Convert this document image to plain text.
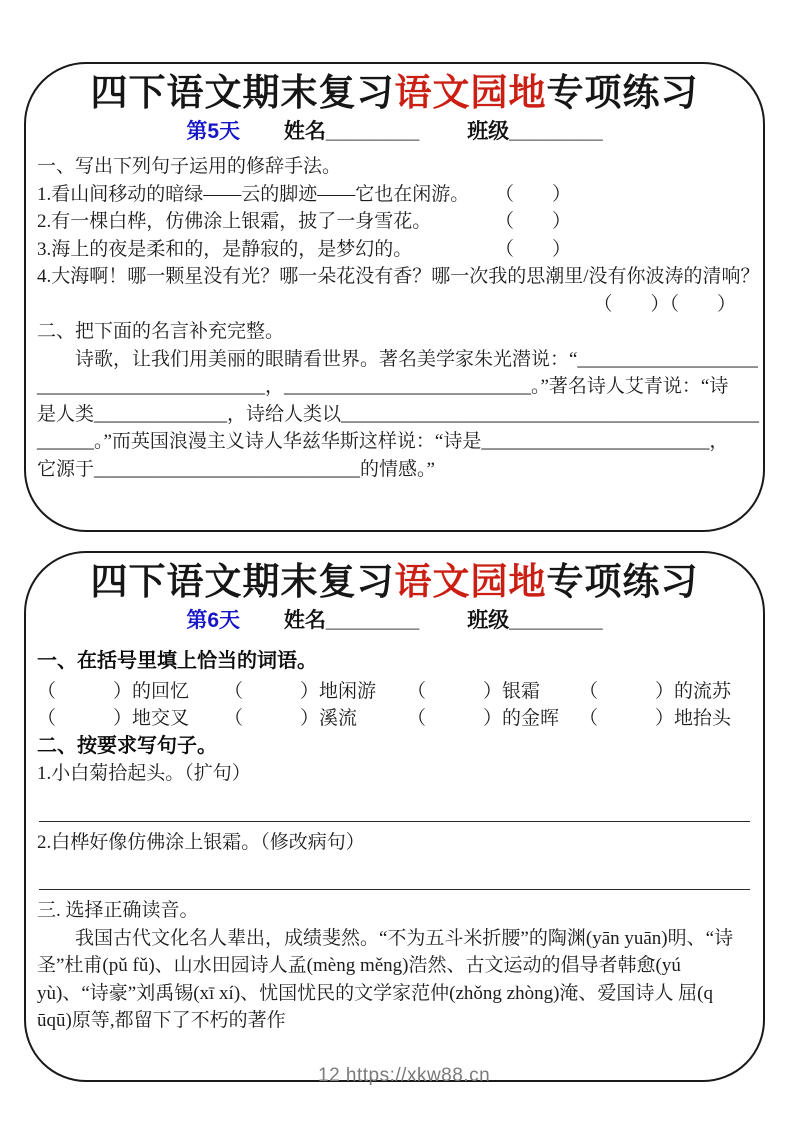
四下语文期末复习语文园地专项练习
第5天 姓名________ 班级________
一、写出下列句子运用的修辞手法。
1.看山间移动的暗绿——云的脚迹——它也在闲游。	（　　）
2.有一棵白桦，仿佛涂上银霜，披了一身雪花。	（　　）
3.海上的夜是柔和的，是静寂的，是梦幻的。	（　　）
4.大海啊！哪一颗星没有光？哪一朵花没有香？哪一次我的思潮里/没有你波涛的清响？
（　　）（　　）
二、把下面的名言补充完整。
　　诗歌，让我们用美丽的眼睛看世界。著名美学家朱光潜说：“___________________
________________________，__________________________。”著名诗人艾青说：“诗
是人类______________，诗给人类以____________________________________________
______。”而英国浪漫主义诗人华兹华斯这样说：“诗是________________________，
它源于____________________________的情感。”
四下语文期末复习语文园地专项练习
第6天 姓名________ 班级________
一、在括号里填上恰当的词语。
（　　　）的回忆	（　　　）地闲游	（　　　）银霜	（　　　）的流苏
（　　　）地交叉	（　　　）溪流	（　　　）的金晖	（　　　）地抬头
二、按要求写句子。
1.小白菊拾起头。（扩句）
2.白桦好像仿佛涂上银霜。（修改病句）
三. 选择正确读音。
我国古代文化名人辈出，成绩斐然。“不为五斗米折腰”的陶渊(yān yuān)明、“诗圣”杜甫(pǔ fǔ)、山水田园诗人孟(mèng měng)浩然、古文运动的倡导者韩愈(yú yù)、“诗豪”刘禹锡(xī xí)、忧国忧民的文学家范仲(zhǒng zhòng)淹、爱国诗人 屈(q ūqū)原等,都留下了不朽的著作
12 https://xkw88.cn
